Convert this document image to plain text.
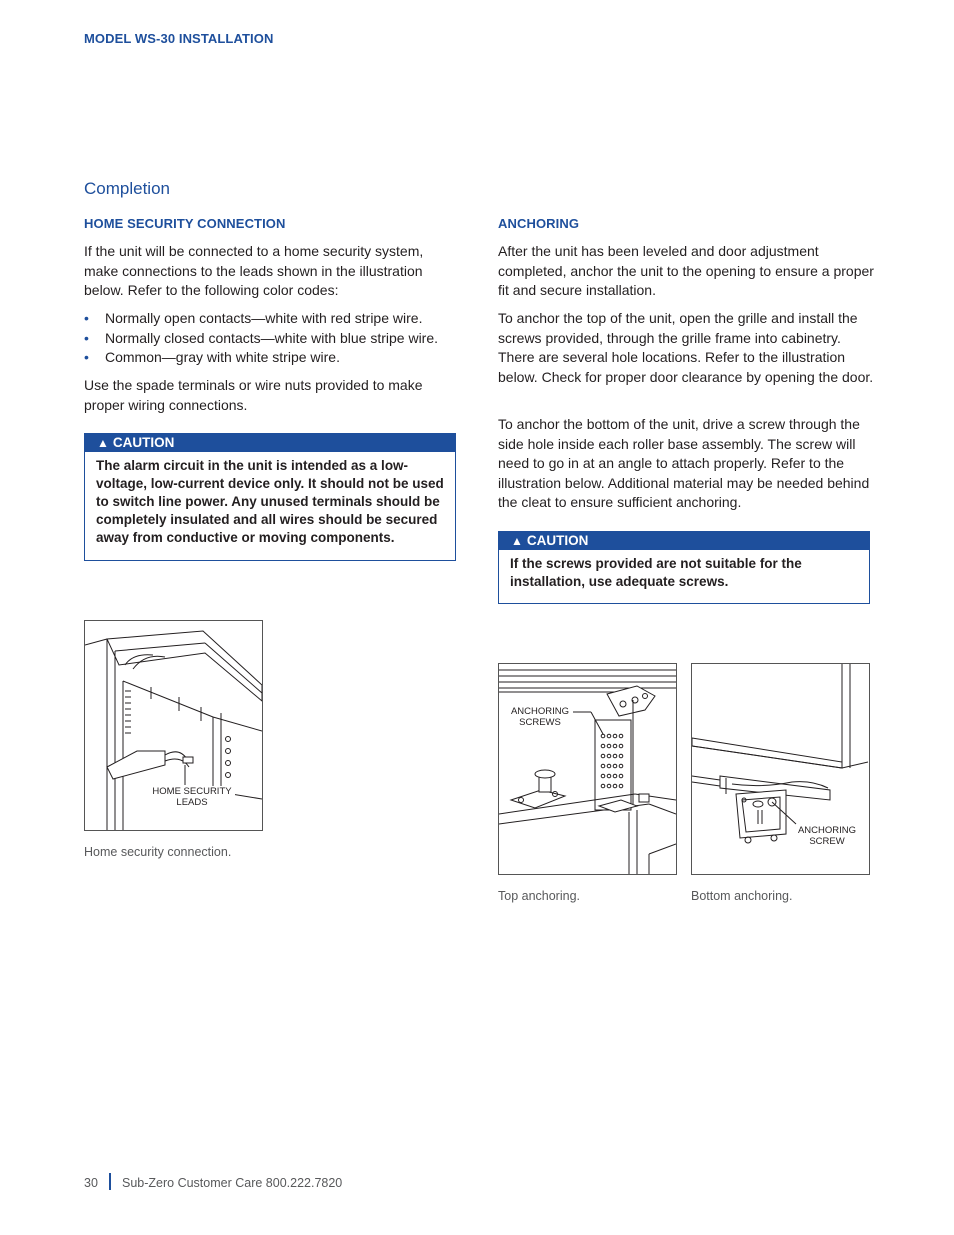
MODEL WS-30 INSTALLATION
Completion
HOME SECURITY CONNECTION

If the unit will be connected to a home security system, make connections to the leads shown in the illustration below. Refer to the following color codes:

• Normally open contacts—white with red stripe wire.
• Normally closed contacts—white with blue stripe wire.
• Common—gray with white stripe wire.

Use the spade terminals or wire nuts provided to make proper wiring connections.

▲ CAUTION
The alarm circuit in the unit is intended as a low-voltage, low-current device only. It should not be used to switch line power. Any unused terminals should be completely insulated and all wires should be secured away from conductive or moving components.
HOME SECURITY
LEADS
Home security connection.
ANCHORING

After the unit has been leveled and door adjustment completed, anchor the unit to the opening to ensure a proper fit and secure installation.

To anchor the top of the unit, open the grille and install the screws provided, through the grille frame into cabinetry. There are several hole locations. Refer to the illustration below. Check for proper door clearance by opening the door.

To anchor the bottom of the unit, drive a screw through the side hole inside each roller base assembly. The screw will need to go in at an angle to attach properly. Refer to the illustration below. Additional material may be needed behind the cleat to ensure sufficient anchoring.

▲ CAUTION
If the screws provided are not suitable for the installation, use adequate screws.
ANCHORING
SCREWS
Top anchoring.
ANCHORING
SCREW
Bottom anchoring.
30 Sub-Zero Customer Care 800.222.7820
